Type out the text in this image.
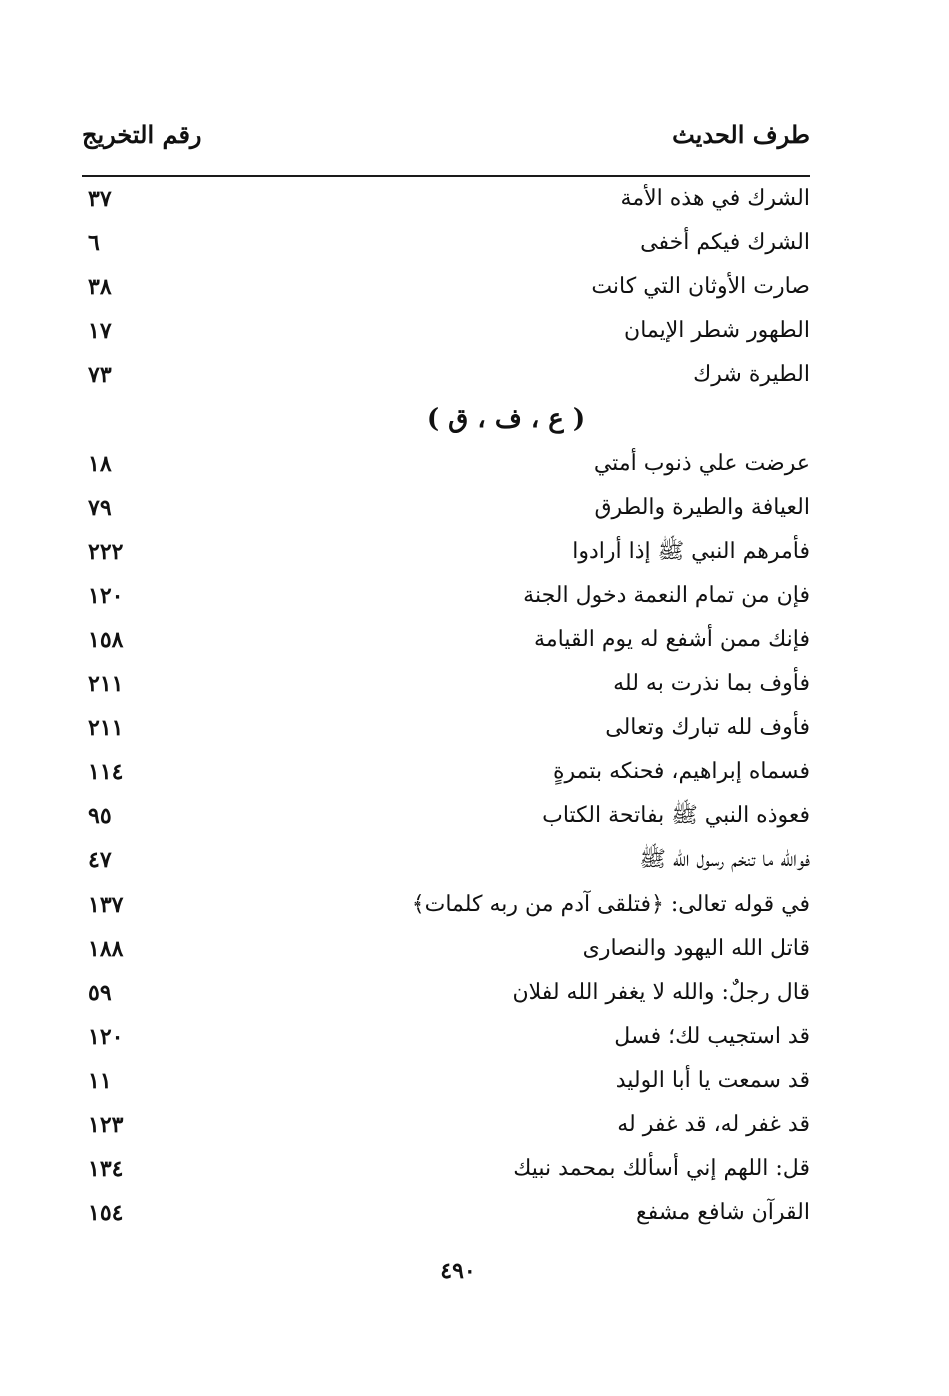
طرف الحديث
رقم التخريج
الشرك في هذه الأمة
٣٧
الشرك فيكم أخفى
٦
صارت الأوثان التي كانت
٣٨
الطهور شطر الإيمان
١٧
الطيرة شرك
٧٣
( ع ، ف ، ق )
عرضت علي ذنوب أمتي
١٨
العيافة والطيرة والطرق
٧٩
فأمرهم النبي ﷺ إذا أرادوا
٢٢٢
فإن من تمام النعمة دخول الجنة
١٢٠
فإنك ممن أشفع له يوم القيامة
١٥٨
فأوف بما نذرت به لله
٢١١
فأوف لله تبارك وتعالى
٢١١
فسماه إبراهيم، فحنكه بتمرةٍ
١١٤
فعوذه النبي ﷺ بفاتحة الكتاب
٩٥
فوالله ما تنخم رسول الله ﷺ
٤٧
في قوله تعالى: ﴿فتلقى آدم من ربه كلمات﴾
١٣٧
قاتل الله اليهود والنصارى
١٨٨
قال رجلٌ: والله لا يغفر الله لفلان
٥٩
قد استجيب لك؛ فسل
١٢٠
قد سمعت يا أبا الوليد
١١
قد غفر له، قد غفر له
١٢٣
قل: اللهم إني أسألك بمحمد نبيك
١٣٤
القرآن شافع مشفع
١٥٤
٤٩٠
